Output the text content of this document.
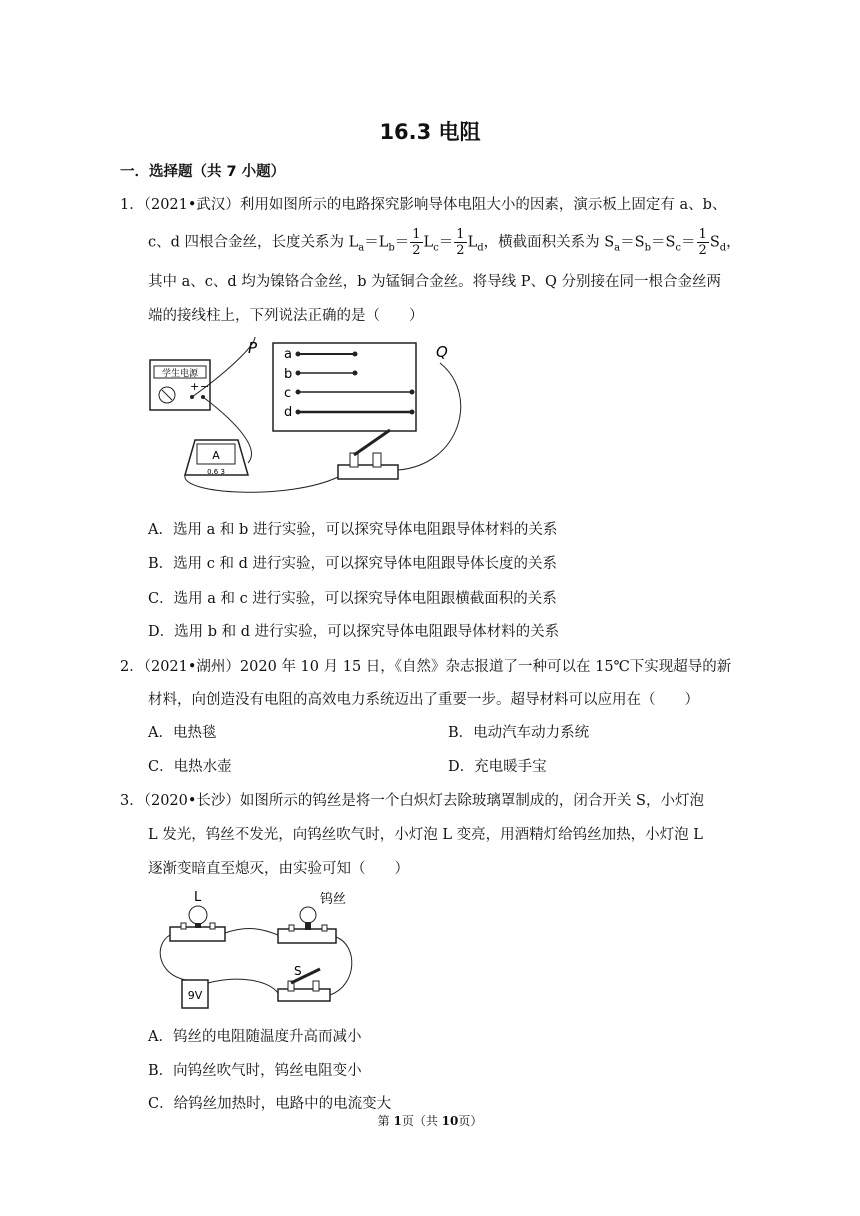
16.3 电阻
一．选择题（共 7 小题）
1．（2021•武汉）利用如图所示的电路探究影响导体电阻大小的因素，演示板上固定有 a、b、
c、d 四根合金丝，长度关系为 $L_a=L_b= \frac{1}{2} L_c= \frac{1}{2} L_d$，横截面积关系为 $S_a=S_b=S_c= \frac{1}{2} S_d$，
其中 a、c、d 均为镍铬合金丝，b 为锰铜合金丝。将导线 P、Q 分别接在同一根合金丝两
端的接线柱上，下列说法正确的是（　　）
学生电源
+ −
a
b
c
d
P	Q
A
0.6 3
A．选用 a 和 b 进行实验，可以探究导体电阻跟导体材料的关系
B．选用 c 和 d 进行实验，可以探究导体电阻跟导体长度的关系
C．选用 a 和 c 进行实验，可以探究导体电阻跟横截面积的关系
D．选用 b 和 d 进行实验，可以探究导体电阻跟导体材料的关系
2．（2021•湖州）2020 年 10 月 15 日，《自然》杂志报道了一种可以在 15℃下实现超导的新
材料，向创造没有电阻的高效电力系统迈出了重要一步。超导材料可以应用在（　　）
A．电热毯	B．电动汽车动力系统
C．电热水壶	D．充电暖手宝
3．（2020•长沙）如图所示的钨丝是将一个白炽灯去除玻璃罩制成的，闭合开关 S，小灯泡
L 发光，钨丝不发光，向钨丝吹气时，小灯泡 L 变亮，用酒精灯给钨丝加热，小灯泡 L
逐渐变暗直至熄灭，由实验可知（　　）
L	钨丝
9V
S
A．钨丝的电阻随温度升高而减小
B．向钨丝吹气时，钨丝电阻变小
C．给钨丝加热时，电路中的电流变大
第 1页（共 10页）
